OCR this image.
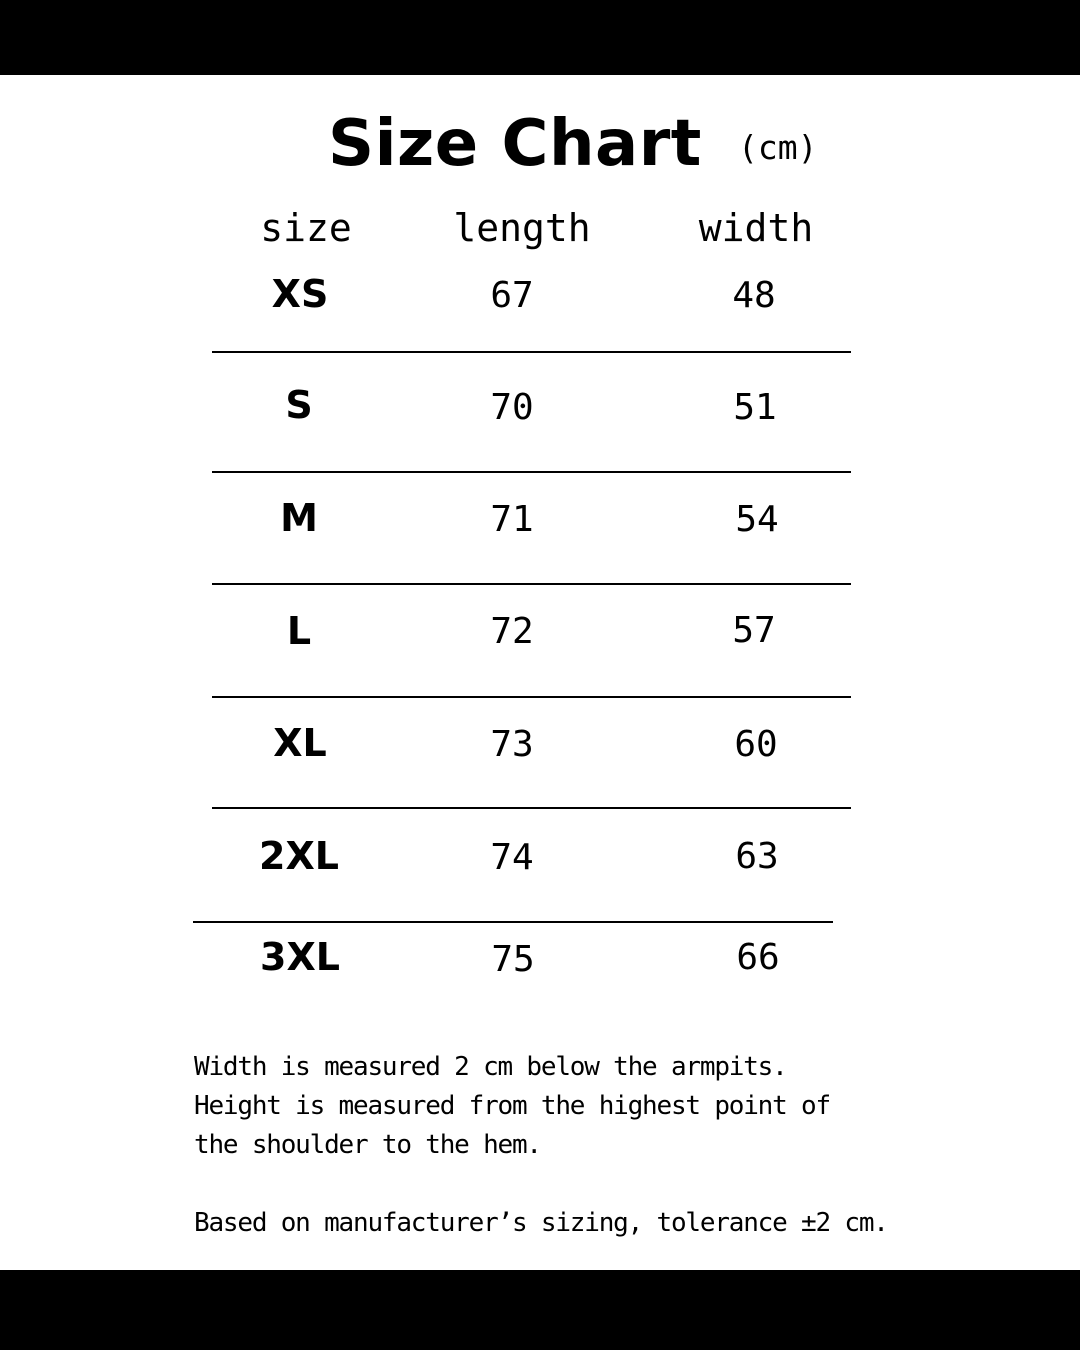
Size Chart (cm)
size	length	width
XS	67	48
S	70	51
M	71	54
L	72	57
XL	73	60
2XL	74	63
3XL	75	66

Width is measured 2 cm below the armpits.

Height is measured from the highest point of

the shoulder to the hem.

Based on manufacturer’s sizing, tolerance ±2 cm.
